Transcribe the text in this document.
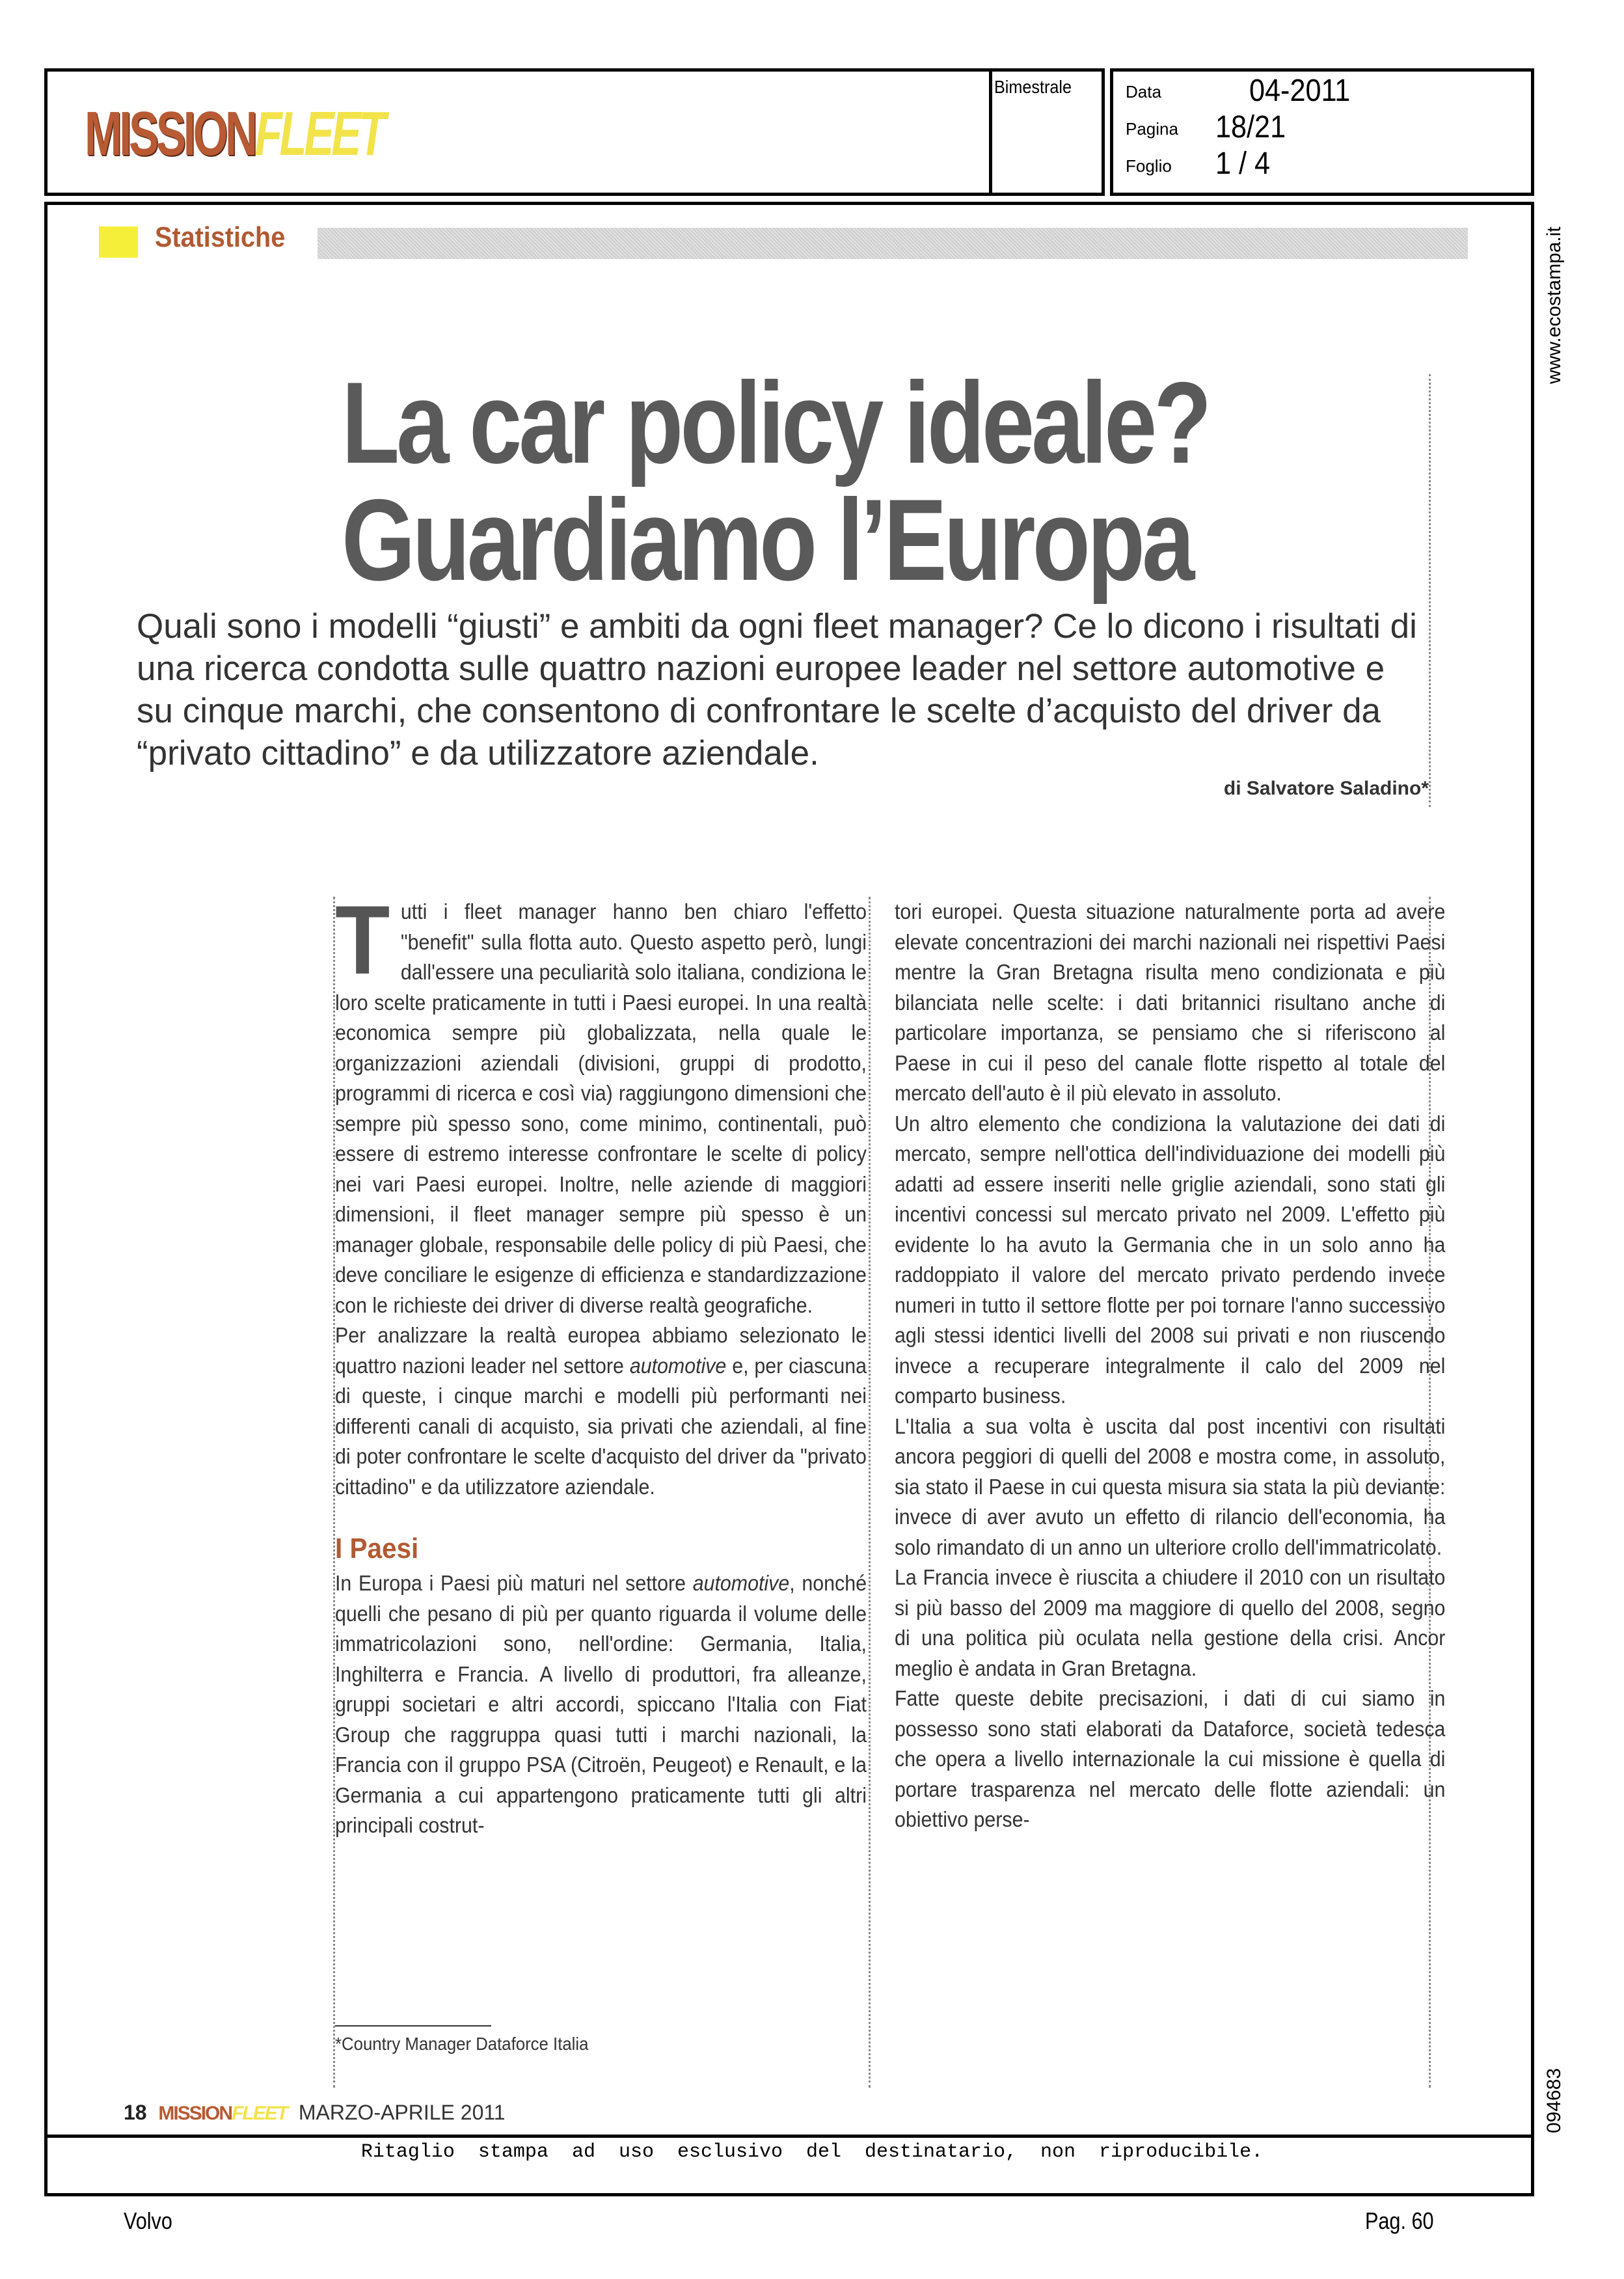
MISSIONFLEET
Bimestrale	Data	04-2011
Pagina 18/21
Foglio 1 / 4
www.ecostampa.it
094683
Statistiche
La car policy ideale?
Guardiamo l’Europa
Quali sono i modelli “giusti” e ambiti da ogni fleet manager? Ce lo dicono i risultati di una ricerca condotta sulle quattro nazioni europee leader nel settore automotive e su cinque marchi, che consentono di confrontare le scelte d’acquisto del driver da “privato cittadino” e da utilizzatore aziendale.
di Salvatore Saladino*

Tutti i fleet manager hanno ben chiaro l'effetto "benefit" sulla flotta auto. Questo aspetto però, lungi dall'essere una peculiarità solo italiana, condiziona le loro scelte praticamente in tutti i Paesi europei. In una realtà economica sempre più globalizzata, nella quale le organizzazioni aziendali (divisioni, gruppi di prodotto, programmi di ricerca e così via) raggiungono dimensioni che sempre più spesso sono, come minimo, continentali, può essere di estremo interesse confrontare le scelte di policy nei vari Paesi europei. Inoltre, nelle aziende di maggiori dimensioni, il fleet manager sempre più spesso è un manager globale, responsabile delle policy di più Paesi, che deve conciliare le esigenze di efficienza e standardizzazione con le richieste dei driver di diverse realtà geografiche.

Per analizzare la realtà europea abbiamo selezionato le quattro nazioni leader nel settore automotive e, per ciascuna di queste, i cinque marchi e modelli più performanti nei differenti canali di acquisto, sia privati che aziendali, al fine di poter confrontare le scelte d'acquisto del driver da "privato cittadino" e da utilizzatore aziendale.

I Paesi

In Europa i Paesi più maturi nel settore automotive, nonché quelli che pesano di più per quanto riguarda il volume delle immatricolazioni sono, nell'ordine: Germania, Italia, Inghilterra e Francia. A livello di produttori, fra alleanze, gruppi societari e altri accordi, spiccano l'Italia con Fiat Group che raggruppa quasi tutti i marchi nazionali, la Francia con il gruppo PSA (Citroën, Peugeot) e Renault, e la Germania a cui appartengono praticamente tutti gli altri principali costrut-

tori europei. Questa situazione naturalmente porta ad avere elevate concentrazioni dei marchi nazionali nei rispettivi Paesi mentre la Gran Bretagna risulta meno condizionata e più bilanciata nelle scelte: i dati britannici risultano anche di particolare importanza, se pensiamo che si riferiscono al Paese in cui il peso del canale flotte rispetto al totale del mercato dell'auto è il più elevato in assoluto.

Un altro elemento che condiziona la valutazione dei dati di mercato, sempre nell'ottica dell'individuazione dei modelli più adatti ad essere inseriti nelle griglie aziendali, sono stati gli incentivi concessi sul mercato privato nel 2009. L'effetto più evidente lo ha avuto la Germania che in un solo anno ha raddoppiato il valore del mercato privato perdendo invece numeri in tutto il settore flotte per poi tornare l'anno successivo agli stessi identici livelli del 2008 sui privati e non riuscendo invece a recuperare integralmente il calo del 2009 nel comparto business.

L'Italia a sua volta è uscita dal post incentivi con risultati ancora peggiori di quelli del 2008 e mostra come, in assoluto, sia stato il Paese in cui questa misura sia stata la più deviante: invece di aver avuto un effetto di rilancio dell'economia, ha solo rimandato di un anno un ulteriore crollo dell'immatricolato.

La Francia invece è riuscita a chiudere il 2010 con un risultato si più basso del 2009 ma maggiore di quello del 2008, segno di una politica più oculata nella gestione della crisi. Ancor meglio è andata in Gran Bretagna.

Fatte queste debite precisazioni, i dati di cui siamo in possesso sono stati elaborati da Dataforce, società tedesca che opera a livello internazionale la cui missione è quella di portare trasparenza nel mercato delle flotte aziendali: un obiettivo perse-

*Country Manager Dataforce Italia
18 MISSIONFLEET MARZO-APRILE 2011
Ritaglio stampa ad uso esclusivo del destinatario, non riproducibile.
Volvo	Pag. 60
